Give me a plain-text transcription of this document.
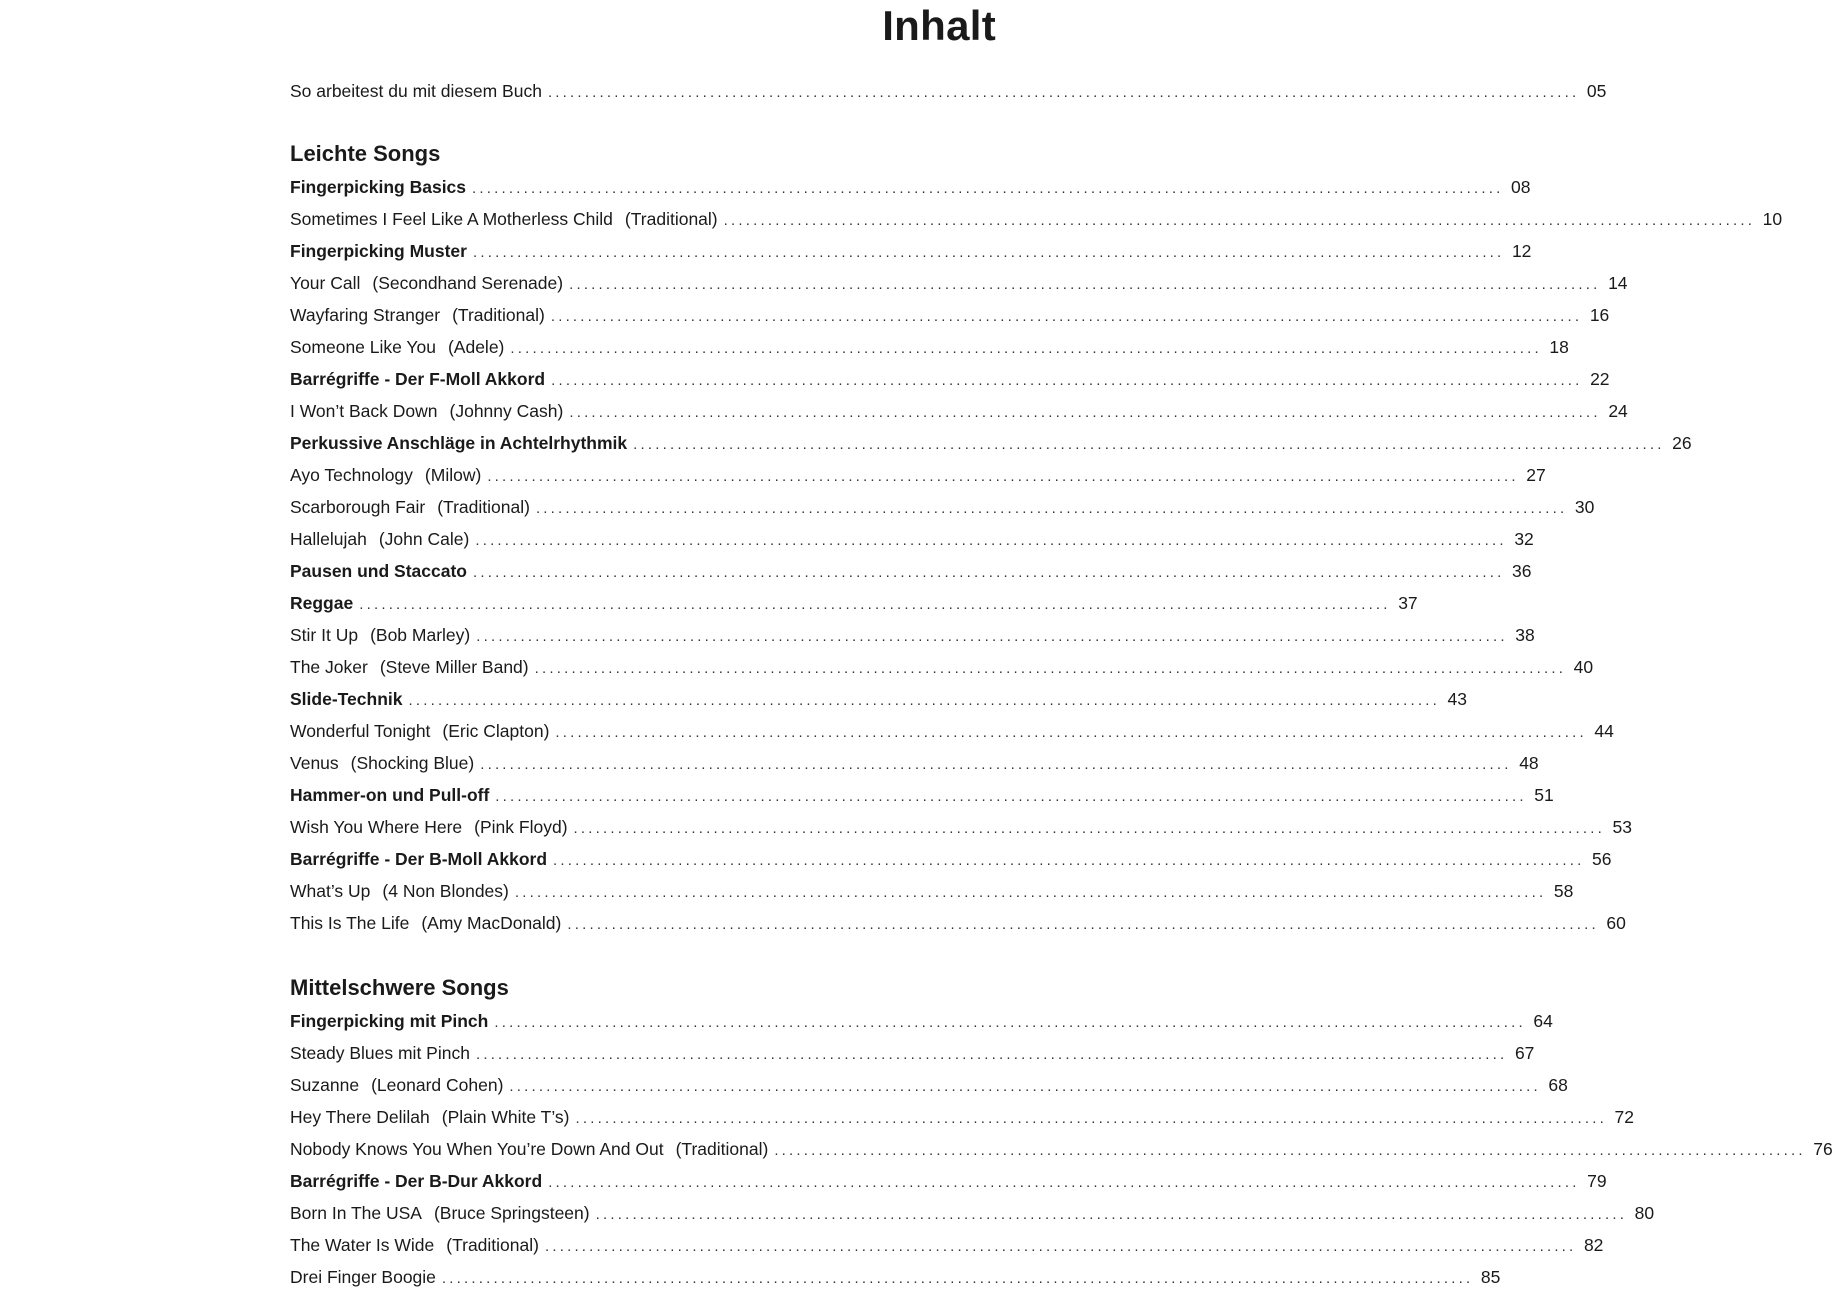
Inhalt
So arbeitest du mit diesem Buch ............................................................................................................................................ 05
Leichte Songs
Fingerpicking Basics ............................................................................................................................................ 08
Sometimes I Feel Like A Motherless Child (Traditional) ............................................................................................................................................ 10
Fingerpicking Muster ............................................................................................................................................ 12
Your Call (Secondhand Serenade) ............................................................................................................................................ 14
Wayfaring Stranger (Traditional) ............................................................................................................................................ 16
Someone Like You (Adele) ............................................................................................................................................ 18
Barrégriffe - Der F-Moll Akkord ............................................................................................................................................ 22
I Won’t Back Down (Johnny Cash) ............................................................................................................................................ 24
Perkussive Anschläge in Achtelrhythmik ............................................................................................................................................ 26
Ayo Technology (Milow) ............................................................................................................................................ 27
Scarborough Fair (Traditional) ............................................................................................................................................ 30
Hallelujah (John Cale) ............................................................................................................................................ 32
Pausen und Staccato ............................................................................................................................................ 36
Reggae ............................................................................................................................................ 37
Stir It Up (Bob Marley) ............................................................................................................................................ 38
The Joker (Steve Miller Band) ............................................................................................................................................ 40
Slide-Technik ............................................................................................................................................ 43
Wonderful Tonight (Eric Clapton) ............................................................................................................................................ 44
Venus (Shocking Blue) ............................................................................................................................................ 48
Hammer-on und Pull-off ............................................................................................................................................ 51
Wish You Where Here (Pink Floyd) ............................................................................................................................................ 53
Barrégriffe - Der B-Moll Akkord ............................................................................................................................................ 56
What’s Up (4 Non Blondes) ............................................................................................................................................ 58
This Is The Life (Amy MacDonald) ............................................................................................................................................ 60
Mittelschwere Songs
Fingerpicking mit Pinch ............................................................................................................................................ 64
Steady Blues mit Pinch ............................................................................................................................................ 67
Suzanne (Leonard Cohen) ............................................................................................................................................ 68
Hey There Delilah (Plain White T’s) ............................................................................................................................................ 72
Nobody Knows You When You’re Down And Out (Traditional) ............................................................................................................................................ 76
Barrégriffe - Der B-Dur Akkord ............................................................................................................................................ 79
Born In The USA (Bruce Springsteen) ............................................................................................................................................ 80
The Water Is Wide (Traditional) ............................................................................................................................................ 82
Drei Finger Boogie ............................................................................................................................................ 85
